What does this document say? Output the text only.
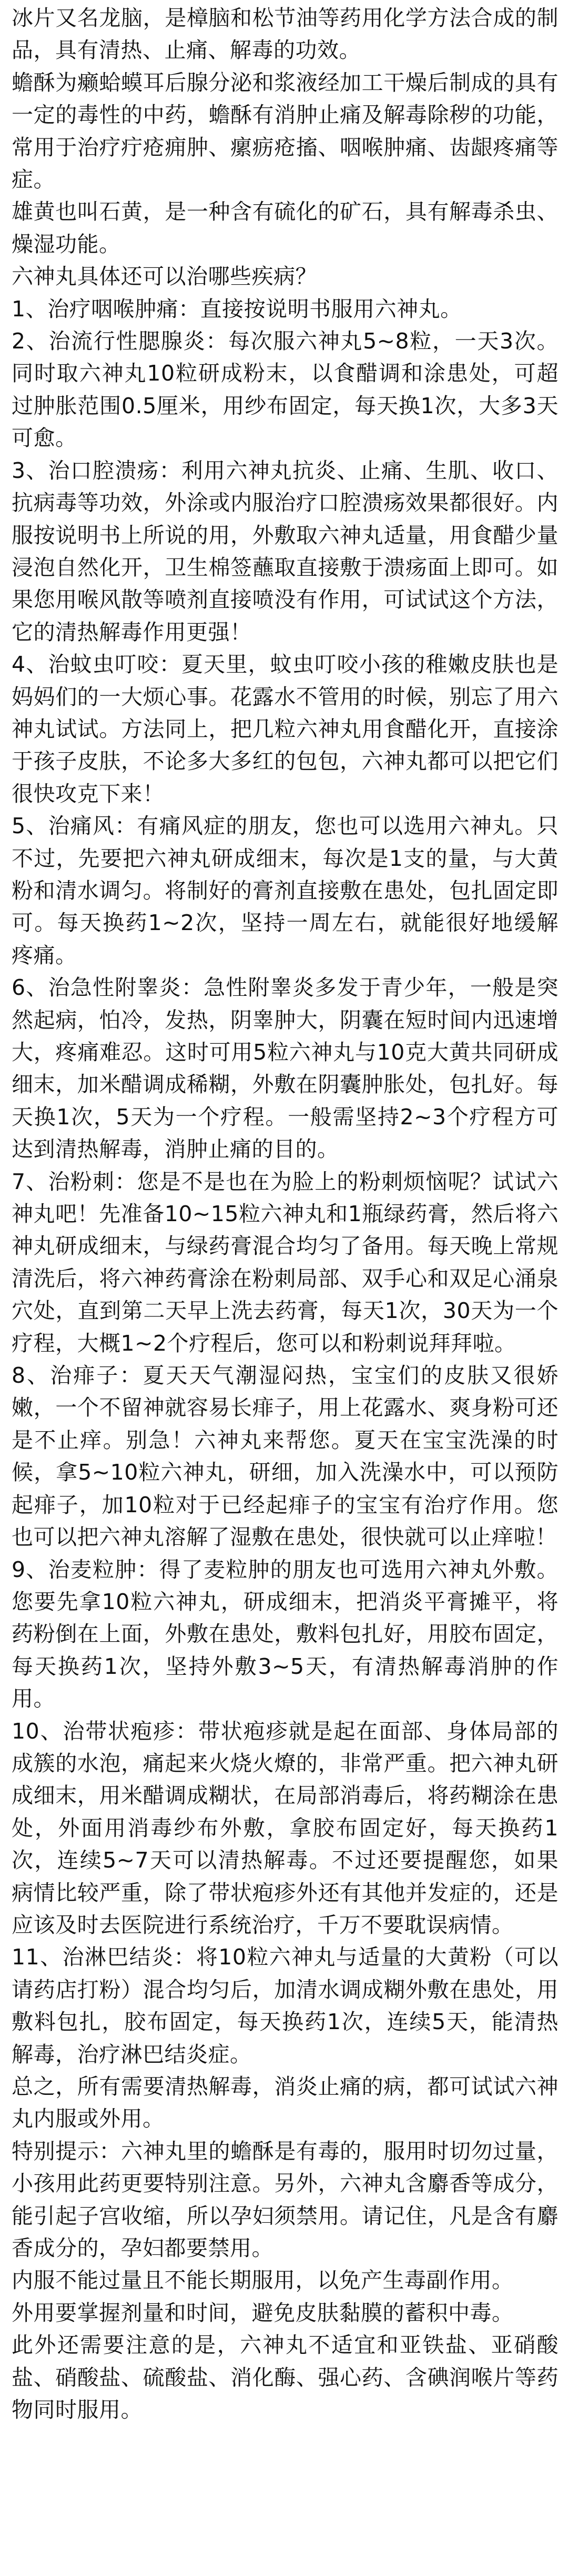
冰片又名龙脑，是樟脑和松节油等药用化学方法合成的制品，具有清热、止痛、解毒的功效。

蟾酥为癞蛤蟆耳后腺分泌和浆液经加工干燥后制成的具有一定的毒性的中药，蟾酥有消肿止痛及解毒除秽的功能，常用于治疗疔疮痈肿、瘰疬疮搐、咽喉肿痛、齿龈疼痛等症。

雄黄也叫石黄，是一种含有硫化的矿石，具有解毒杀虫、燥湿功能。

六神丸具体还可以治哪些疾病？

1、治疗咽喉肿痛：直接按说明书服用六神丸。

2、治流行性腮腺炎：每次服六神丸5~8粒，一天3次。同时取六神丸10粒研成粉末，以食醋调和涂患处，可超过肿胀范围0.5厘米，用纱布固定，每天换1次，大多3天可愈。

3、治口腔溃疡：利用六神丸抗炎、止痛、生肌、收口、抗病毒等功效，外涂或内服治疗口腔溃疡效果都很好。内服按说明书上所说的用，外敷取六神丸适量，用食醋少量浸泡自然化开，卫生棉签蘸取直接敷于溃疡面上即可。如果您用喉风散等喷剂直接喷没有作用，可试试这个方法，它的清热解毒作用更强！

4、治蚊虫叮咬：夏天里，蚊虫叮咬小孩的稚嫩皮肤也是妈妈们的一大烦心事。花露水不管用的时候，别忘了用六神丸试试。方法同上，把几粒六神丸用食醋化开，直接涂于孩子皮肤，不论多大多红的包包，六神丸都可以把它们很快攻克下来！

5、治痛风：有痛风症的朋友，您也可以选用六神丸。只不过，先要把六神丸研成细末，每次是1支的量，与大黄粉和清水调匀。将制好的膏剂直接敷在患处，包扎固定即可。每天换药1~2次，坚持一周左右，就能很好地缓解疼痛。

6、治急性附睾炎：急性附睾炎多发于青少年，一般是突然起病，怕冷，发热，阴睾肿大，阴囊在短时间内迅速增大，疼痛难忍。这时可用5粒六神丸与10克大黄共同研成细末，加米醋调成稀糊，外敷在阴囊肿胀处，包扎好。每天换1次，5天为一个疗程。一般需坚持2~3个疗程方可达到清热解毒，消肿止痛的目的。

7、治粉刺：您是不是也在为脸上的粉刺烦恼呢？试试六神丸吧！先准备10~15粒六神丸和1瓶绿药膏，然后将六神丸研成细末，与绿药膏混合均匀了备用。每天晚上常规清洗后，将六神药膏涂在粉刺局部、双手心和双足心涌泉穴处，直到第二天早上洗去药膏，每天1次，30天为一个疗程，大概1~2个疗程后，您可以和粉刺说拜拜啦。

8、治痱子：夏天天气潮湿闷热，宝宝们的皮肤又很娇嫩，一个不留神就容易长痱子，用上花露水、爽身粉可还是不止痒。别急！六神丸来帮您。夏天在宝宝洗澡的时候，拿5~10粒六神丸，研细，加入洗澡水中，可以预防起痱子，加10粒对于已经起痱子的宝宝有治疗作用。您也可以把六神丸溶解了湿敷在患处，很快就可以止痒啦！

9、治麦粒肿：得了麦粒肿的朋友也可选用六神丸外敷。您要先拿10粒六神丸，研成细末，把消炎平膏摊平，将药粉倒在上面，外敷在患处，敷料包扎好，用胶布固定，每天换药1次，坚持外敷3~5天，有清热解毒消肿的作用。

10、治带状疱疹：带状疱疹就是起在面部、身体局部的成簇的水泡，痛起来火烧火燎的，非常严重。把六神丸研成细末，用米醋调成糊状，在局部消毒后，将药糊涂在患处，外面用消毒纱布外敷，拿胶布固定好，每天换药1次，连续5~7天可以清热解毒。不过还要提醒您，如果病情比较严重，除了带状疱疹外还有其他并发症的，还是应该及时去医院进行系统治疗，千万不要耽误病情。

11、治淋巴结炎：将10粒六神丸与适量的大黄粉（可以请药店打粉）混合均匀后，加清水调成糊外敷在患处，用敷料包扎，胶布固定，每天换药1次，连续5天，能清热解毒，治疗淋巴结炎症。

总之，所有需要清热解毒，消炎止痛的病，都可试试六神丸内服或外用。

特别提示：六神丸里的蟾酥是有毒的，服用时切勿过量，小孩用此药更要特别注意。另外，六神丸含麝香等成分，能引起子宫收缩，所以孕妇须禁用。请记住，凡是含有麝香成分的，孕妇都要禁用。

内服不能过量且不能长期服用，以免产生毒副作用。

外用要掌握剂量和时间，避免皮肤黏膜的蓄积中毒。

此外还需要注意的是，六神丸不适宜和亚铁盐、亚硝酸盐、硝酸盐、硫酸盐、消化酶、强心药、含碘润喉片等药物同时服用。
